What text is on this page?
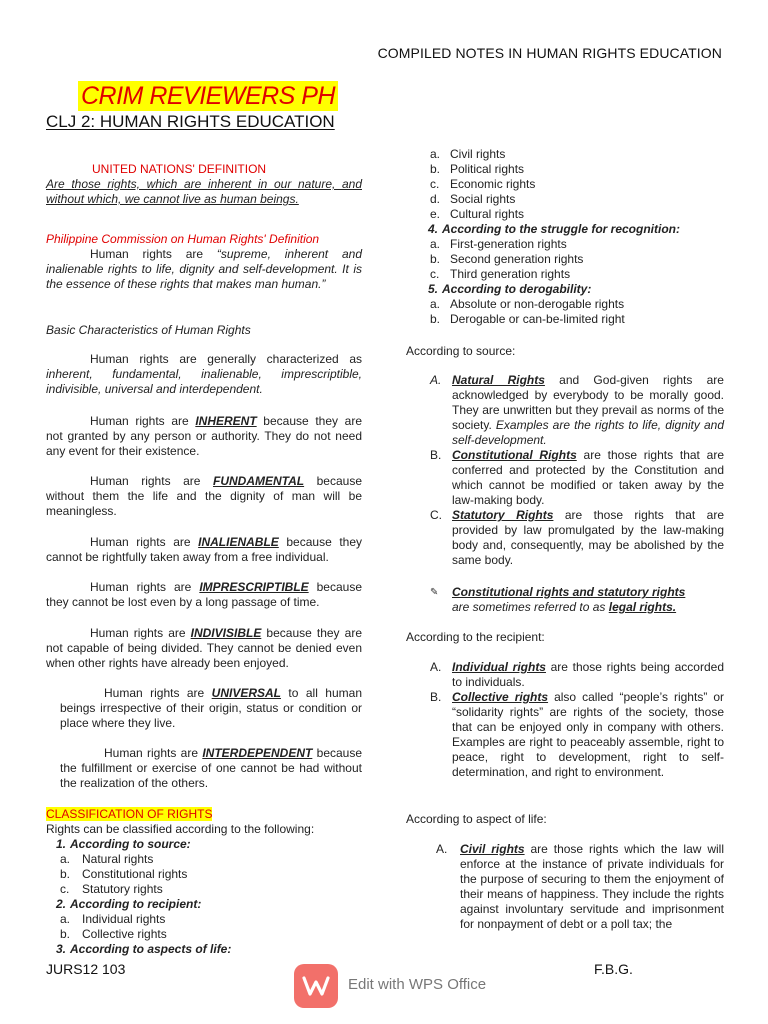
COMPILED NOTES IN HUMAN RIGHTS EDUCATION
CRIM REVIEWERS PH
CLJ 2: HUMAN RIGHTS EDUCATION
UNITED NATIONS' DEFINITION
Are those rights, which are inherent in our nature, and without which, we cannot live as human beings.
Philippine Commission on Human Rights' Definition
Human rights are “supreme, inherent and inalienable rights to life, dignity and self-development. It is the essence of these rights that makes man human.”
Basic Characteristics of Human Rights
Human rights are generally characterized as inherent, fundamental, inalienable, imprescriptible, indivisible, universal and interdependent.
Human rights are INHERENT because they are not granted by any person or authority. They do not need any event for their existence.
Human rights are FUNDAMENTAL because without them the life and the dignity of man will be meaningless.
Human rights are INALIENABLE because they cannot be rightfully taken away from a free individual.
Human rights are IMPRESCRIPTIBLE because they cannot be lost even by a long passage of time.
Human rights are INDIVISIBLE because they are not capable of being divided. They cannot be denied even when other rights have already been enjoyed.
Human rights are UNIVERSAL to all human beings irrespective of their origin, status or condition or place where they live.
Human rights are INTERDEPENDENT because the fulfillment or exercise of one cannot be had without the realization of the others.
CLASSIFICATION OF RIGHTS
Rights can be classified according to the following:
1. According to source:
a. Natural rights
b. Constitutional rights
c. Statutory rights
2. According to recipient:
a. Individual rights
b. Collective rights
3. According to aspects of life:
a. Civil rights
b. Political rights
c. Economic rights
d. Social rights
e. Cultural rights
4. According to the struggle for recognition:
a. First-generation rights
b. Second generation rights
c. Third generation rights
5. According to derogability:
a. Absolute or non-derogable rights
b. Derogable or can-be-limited right
According to source:
A. Natural Rights and God-given rights are acknowledged by everybody to be morally good. They are unwritten but they prevail as norms of the society. Examples are the rights to life, dignity and self-development.
B. Constitutional Rights are those rights that are conferred and protected by the Constitution and which cannot be modified or taken away by the law-making body.
C. Statutory Rights are those rights that are provided by law promulgated by the law-making body and, consequently, may be abolished by the same body.
✎ Constitutional rights and statutory rights
are sometimes referred to as legal rights.
According to the recipient:
A. Individual rights are those rights being accorded to individuals.
B. Collective rights also called “people’s rights” or “solidarity rights” are rights of the society, those that can be enjoyed only in company with others. Examples are right to peaceably assemble, right to peace, right to development, right to self-determination, and right to environment.
According to aspect of life:
A. Civil rights are those rights which the law will enforce at the instance of private individuals for the purpose of securing to them the enjoyment of their means of happiness. They include the rights against involuntary servitude and imprisonment for nonpayment of debt or a poll tax; the
JURS12 103	F.B.G.
Edit with WPS Office
